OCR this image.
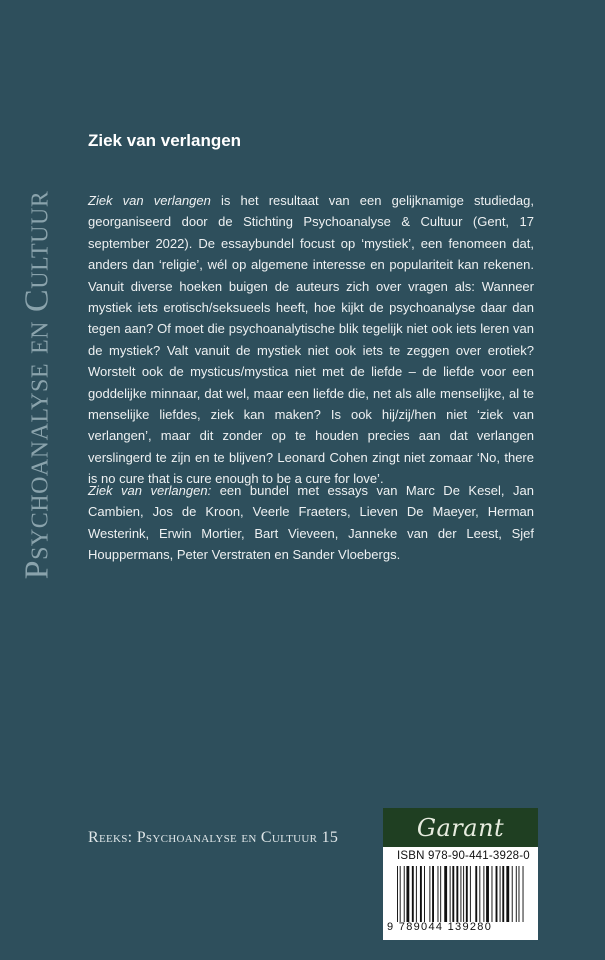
Psychoanalyse en Cultuur
Ziek van verlangen

Ziek van verlangen is het resultaat van een gelijknamige studiedag, georganiseerd door de Stichting Psychoanalyse & Cultuur (Gent, 17 september 2022). De essaybundel focust op ‘mystiek’, een fenomeen dat, anders dan ‘religie’, wél op algemene interesse en populariteit kan rekenen. Vanuit diverse hoeken buigen de auteurs zich over vragen als: Wanneer mystiek iets erotisch/seksueels heeft, hoe kijkt de psychoanalyse daar dan tegen aan? Of moet die psychoanalytische blik tegelijk niet ook iets leren van de mystiek? Valt vanuit de mystiek niet ook iets te zeggen over erotiek? Worstelt ook de mysticus/mystica niet met de liefde – de liefde voor een goddelijke minnaar, dat wel, maar een liefde die, net als alle menselijke, al te menselijke liefdes, ziek kan maken? Is ook hij/zij/hen niet ‘ziek van verlangen’, maar dit zonder op te houden precies aan dat verlangen verslingerd te zijn en te blijven? Leonard Cohen zingt niet zomaar ‘No, there is no cure that is cure enough to be a cure for love’.

Ziek van verlangen: een bundel met essays van Marc De Kesel, Jan Cambien, Jos de Kroon, Veerle Fraeters, Lieven De Maeyer, Herman Westerink, Erwin Mortier, Bart Vieveen, Janneke van der Leest, Sjef Houppermans, Peter Verstraten en Sander Vloebergs.

Reeks: Psychoanalyse en Cultuur 15	Garant
ISBN 978-90-441-3928-0
9 789044 139280
